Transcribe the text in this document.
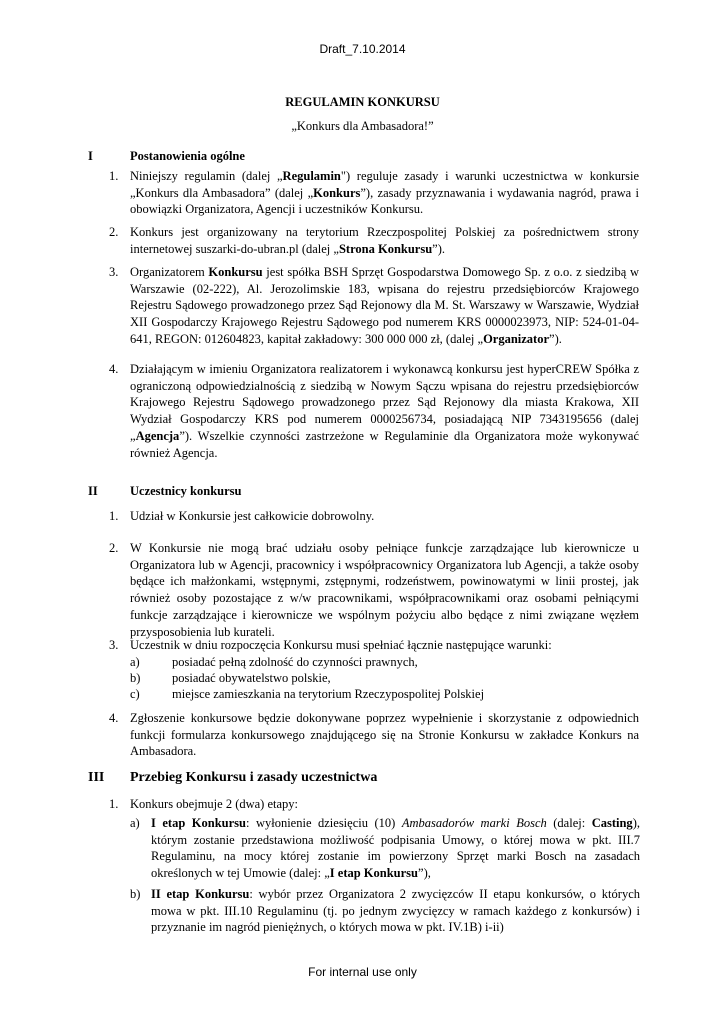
Draft_7.10.2014
REGULAMIN KONKURSU
„Konkurs dla Ambasadora!”
I	Postanowienia ogólne
1. Niniejszy regulamin (dalej „Regulamin") reguluje zasady i warunki uczestnictwa w konkursie „Konkurs dla Ambasadora” (dalej „Konkurs”), zasady przyznawania i wydawania nagród, prawa i obowiązki Organizatora, Agencji i uczestników Konkursu.
2. Konkurs jest organizowany na terytorium Rzeczpospolitej Polskiej za pośrednictwem strony internetowej suszarki-do-ubran.pl (dalej „Strona Konkursu”).
3. Organizatorem Konkursu jest spółka BSH Sprzęt Gospodarstwa Domowego Sp. z o.o. z siedzibą w Warszawie (02-222), Al. Jerozolimskie 183, wpisana do rejestru przedsiębiorców Krajowego Rejestru Sądowego prowadzonego przez Sąd Rejonowy dla M. St. Warszawy w Warszawie, Wydział XII Gospodarczy Krajowego Rejestru Sądowego pod numerem KRS 0000023973, NIP: 524-01-04-641, REGON: 012604823, kapitał zakładowy: 300 000 000 zł, (dalej „Organizator”).
4. Działającym w imieniu Organizatora realizatorem i wykonawcą konkursu jest hyperCREW Spółka z ograniczoną odpowiedzialnością z siedzibą w Nowym Sączu wpisana do rejestru przedsiębiorców Krajowego Rejestru Sądowego prowadzonego przez Sąd Rejonowy dla miasta Krakowa, XII Wydział Gospodarczy KRS pod numerem 0000256734, posiadającą NIP 7343195656 (dalej „Agencja”). Wszelkie czynności zastrzeżone w Regulaminie dla Organizatora może wykonywać również Agencja.
II	Uczestnicy konkursu
1. Udział w Konkursie jest całkowicie dobrowolny.
2. W Konkursie nie mogą brać udziału osoby pełniące funkcje zarządzające lub kierownicze u Organizatora lub w Agencji, pracownicy i współpracownicy Organizatora lub Agencji, a także osoby będące ich małżonkami, wstępnymi, zstępnymi, rodzeństwem, powinowatymi w linii prostej, jak również osoby pozostające z w/w pracownikami, współpracownikami oraz osobami pełniącymi funkcje zarządzające i kierownicze we wspólnym pożyciu albo będące z nimi związane węzłem przysposobienia lub kurateli.
3. Uczestnik w dniu rozpoczęcia Konkursu musi spełniać łącznie następujące warunki:
a)	posiadać pełną zdolność do czynności prawnych,
b)	posiadać obywatelstwo polskie,
c)	miejsce zamieszkania na terytorium Rzeczypospolitej Polskiej
4. Zgłoszenie konkursowe będzie dokonywane poprzez wypełnienie i skorzystanie z odpowiednich funkcji formularza konkursowego znajdującego się na Stronie Konkursu w zakładce Konkurs na Ambasadora.
III Przebieg Konkursu i zasady uczestnictwa
1. Konkurs obejmuje 2 (dwa) etapy:
a) I etap Konkursu: wyłonienie dziesięciu (10) Ambasadorów marki Bosch (dalej: Casting), którym zostanie przedstawiona możliwość podpisania Umowy, o której mowa w pkt. III.7 Regulaminu, na mocy której zostanie im powierzony Sprzęt marki Bosch na zasadach określonych w tej Umowie (dalej: „I etap Konkursu”),
b) II etap Konkursu: wybór przez Organizatora 2 zwycięzców II etapu konkursów, o których mowa w pkt. III.10 Regulaminu (tj. po jednym zwycięzcy w ramach każdego z konkursów) i przyznanie im nagród pieniężnych, o których mowa w pkt. IV.1B) i-ii)
For internal use only
